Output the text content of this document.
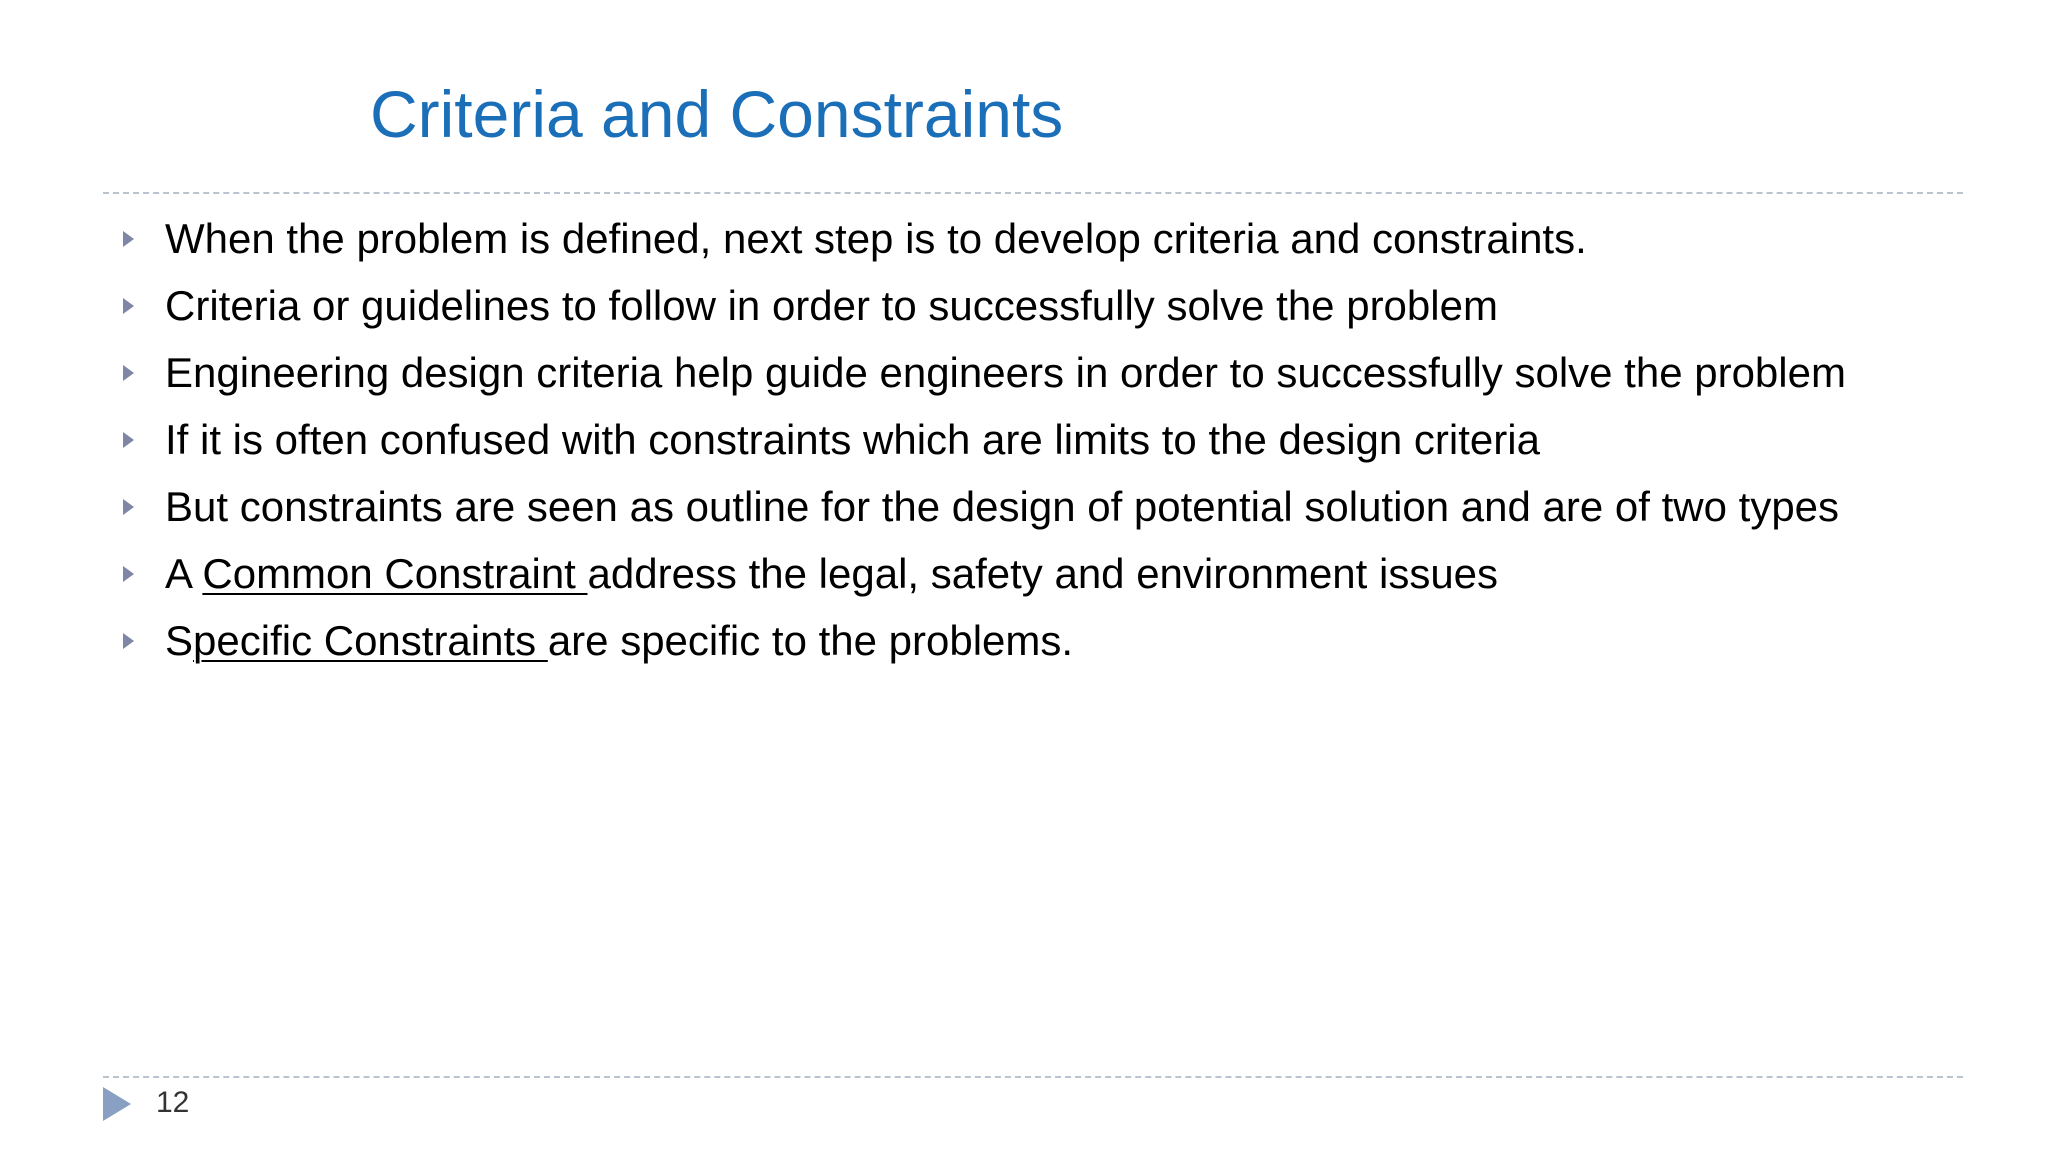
Criteria and Constraints
When the problem is defined, next step is to develop criteria and constraints.
Criteria or guidelines to follow in order to successfully solve the problem
Engineering design criteria help guide engineers in order to successfully solve the problem
If it is often confused with constraints which are limits to the design criteria
But constraints are seen as outline for the design of potential solution and are of two types
A Common Constraint address the legal, safety and environment issues
Specific Constraints are specific to the problems.
12
